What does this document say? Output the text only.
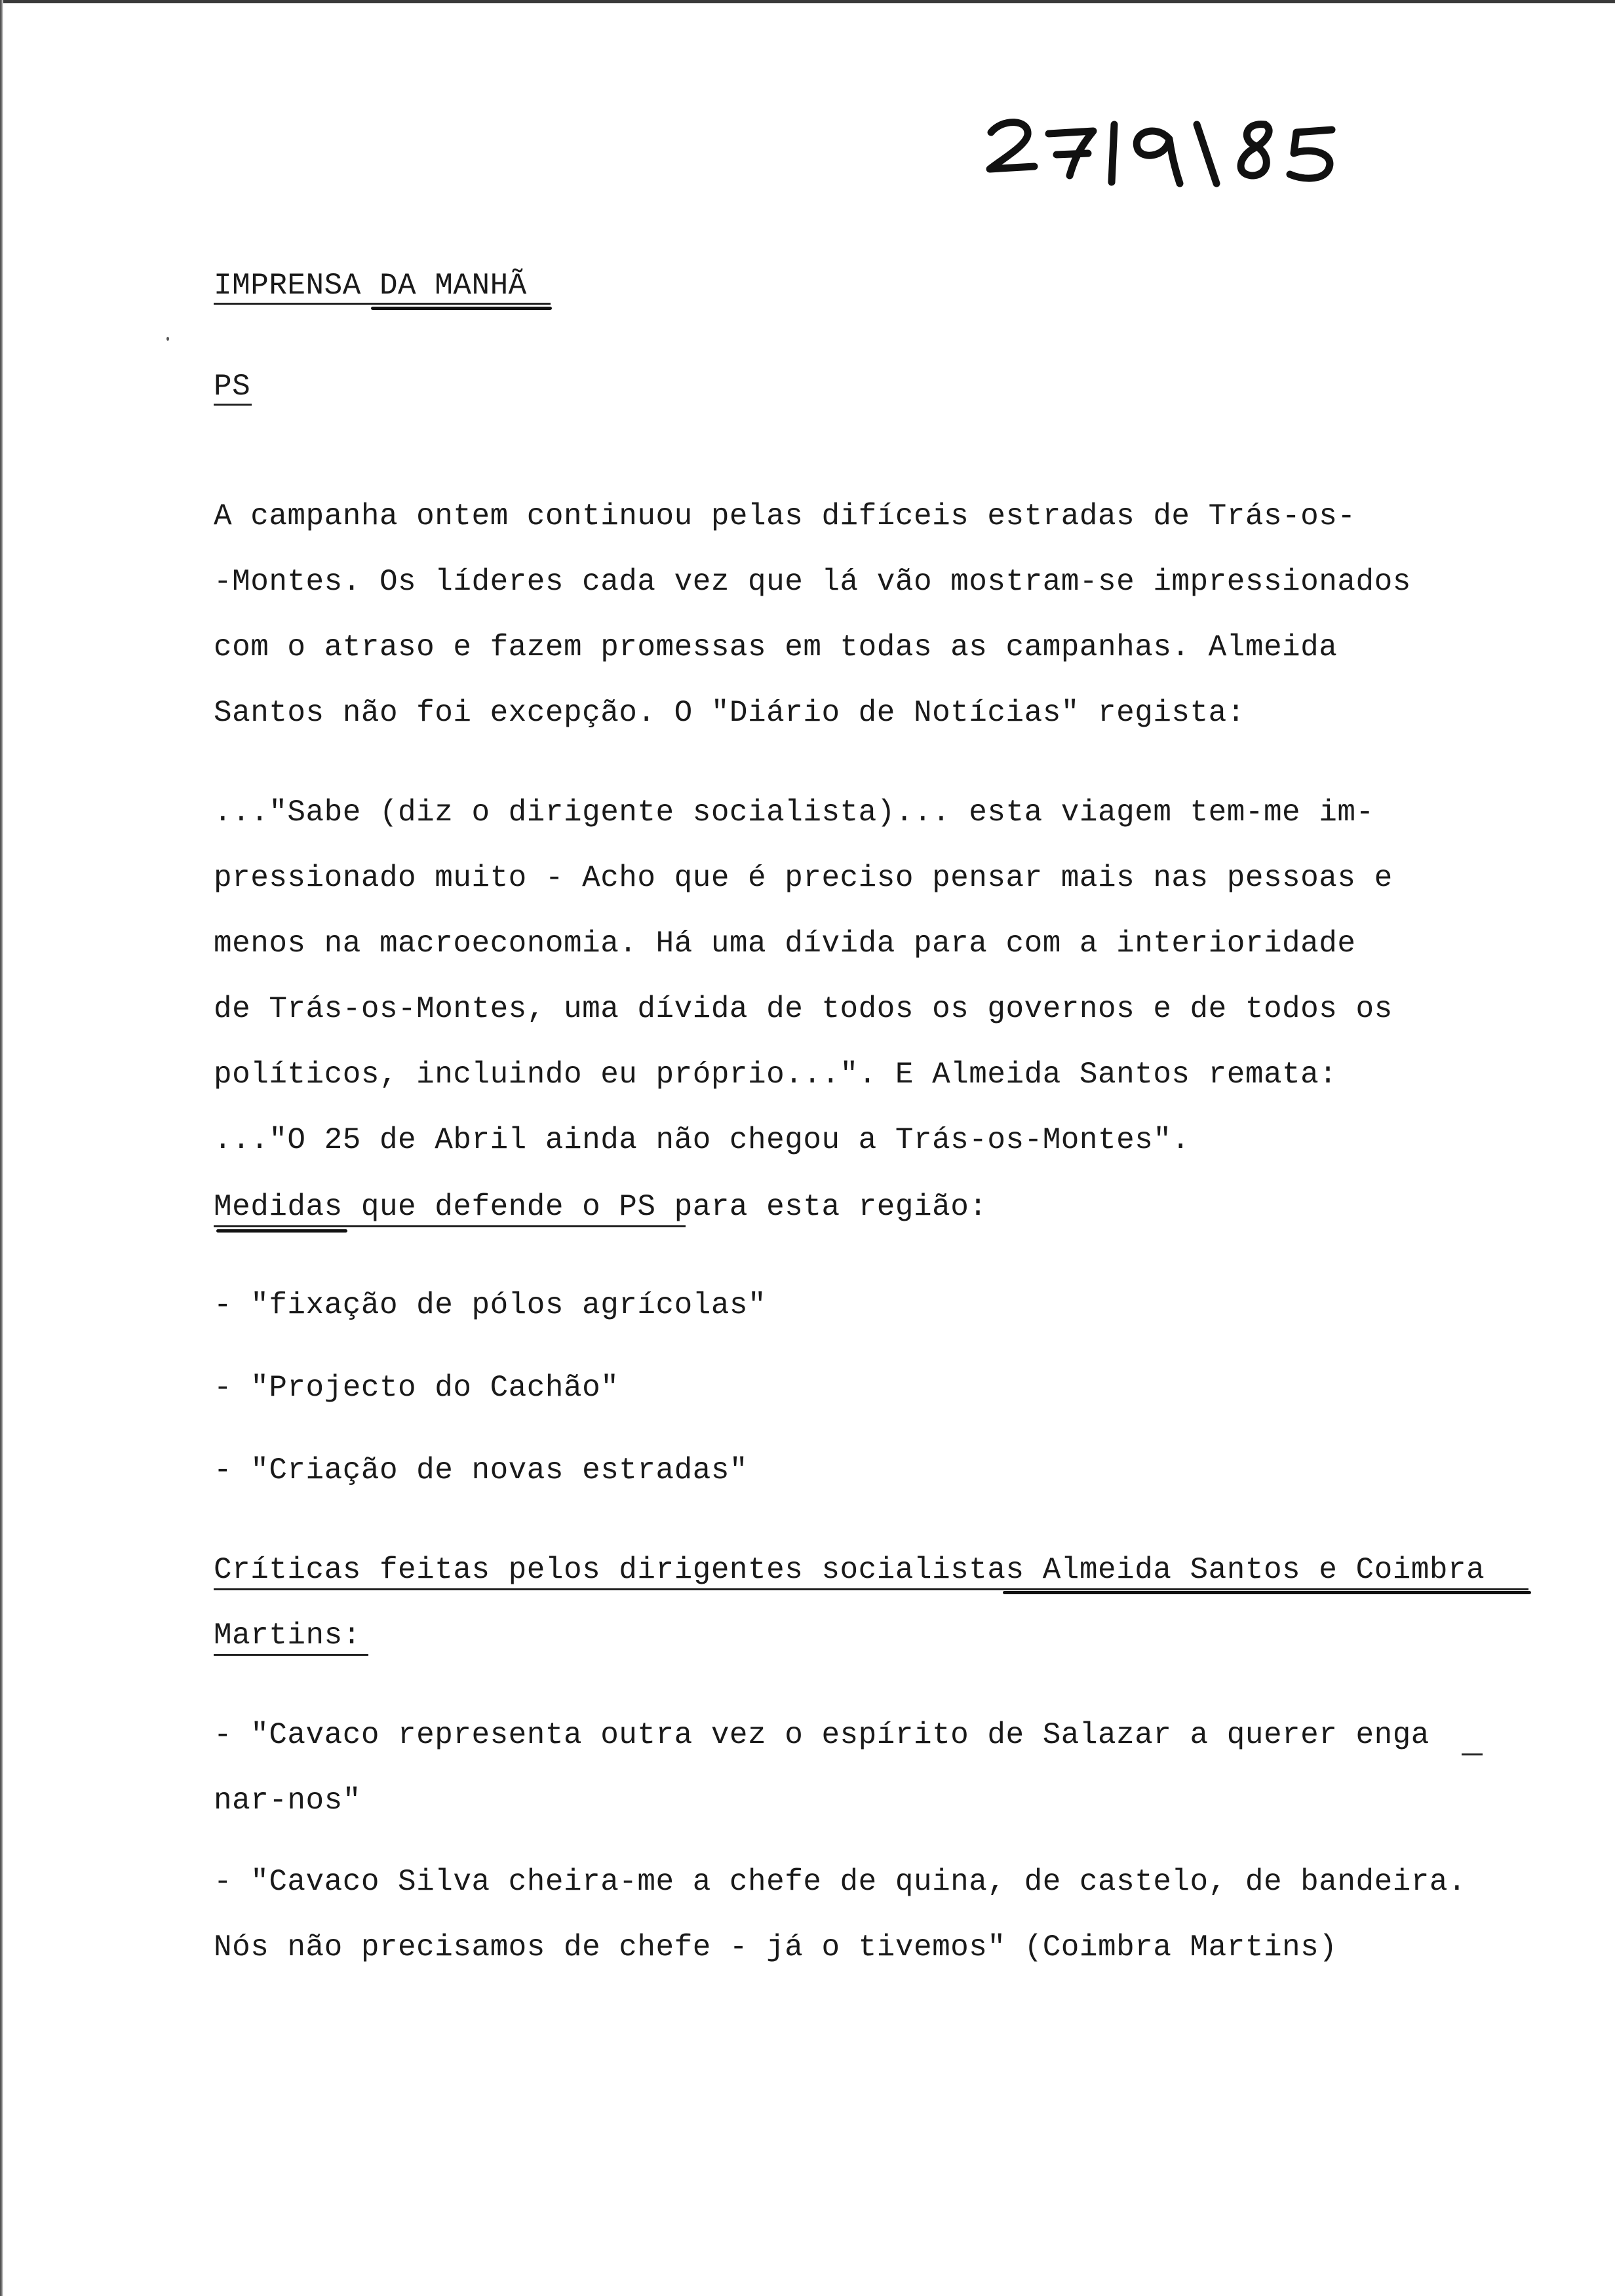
IMPRENSA DA MANHÃ
PS
A campanha ontem continuou pelas difíceis estradas de Trás-os-
-Montes. Os líderes cada vez que lá vão mostram-se impressionados
com o atraso e fazem promessas em todas as campanhas. Almeida
Santos não foi excepção. O "Diário de Notícias" regista:
..."Sabe (diz o dirigente socialista)... esta viagem tem-me im-
pressionado muito - Acho que é preciso pensar mais nas pessoas e
menos na macroeconomia. Há uma dívida para com a interioridade
de Trás-os-Montes, uma dívida de todos os governos e de todos os
políticos, incluindo eu próprio...". E Almeida Santos remata:
..."O 25 de Abril ainda não chegou a Trás-os-Montes".
Medidas que defende o PS para esta região:
- "fixação de pólos agrícolas"
- "Projecto do Cachão"
- "Criação de novas estradas"
Críticas feitas pelos dirigentes socialistas Almeida Santos e Coimbra
Martins:
- "Cavaco representa outra vez o espírito de Salazar a querer enga
nar-nos"
- "Cavaco Silva cheira-me a chefe de quina, de castelo, de bandeira.
Nós não precisamos de chefe - já o tivemos" (Coimbra Martins)
